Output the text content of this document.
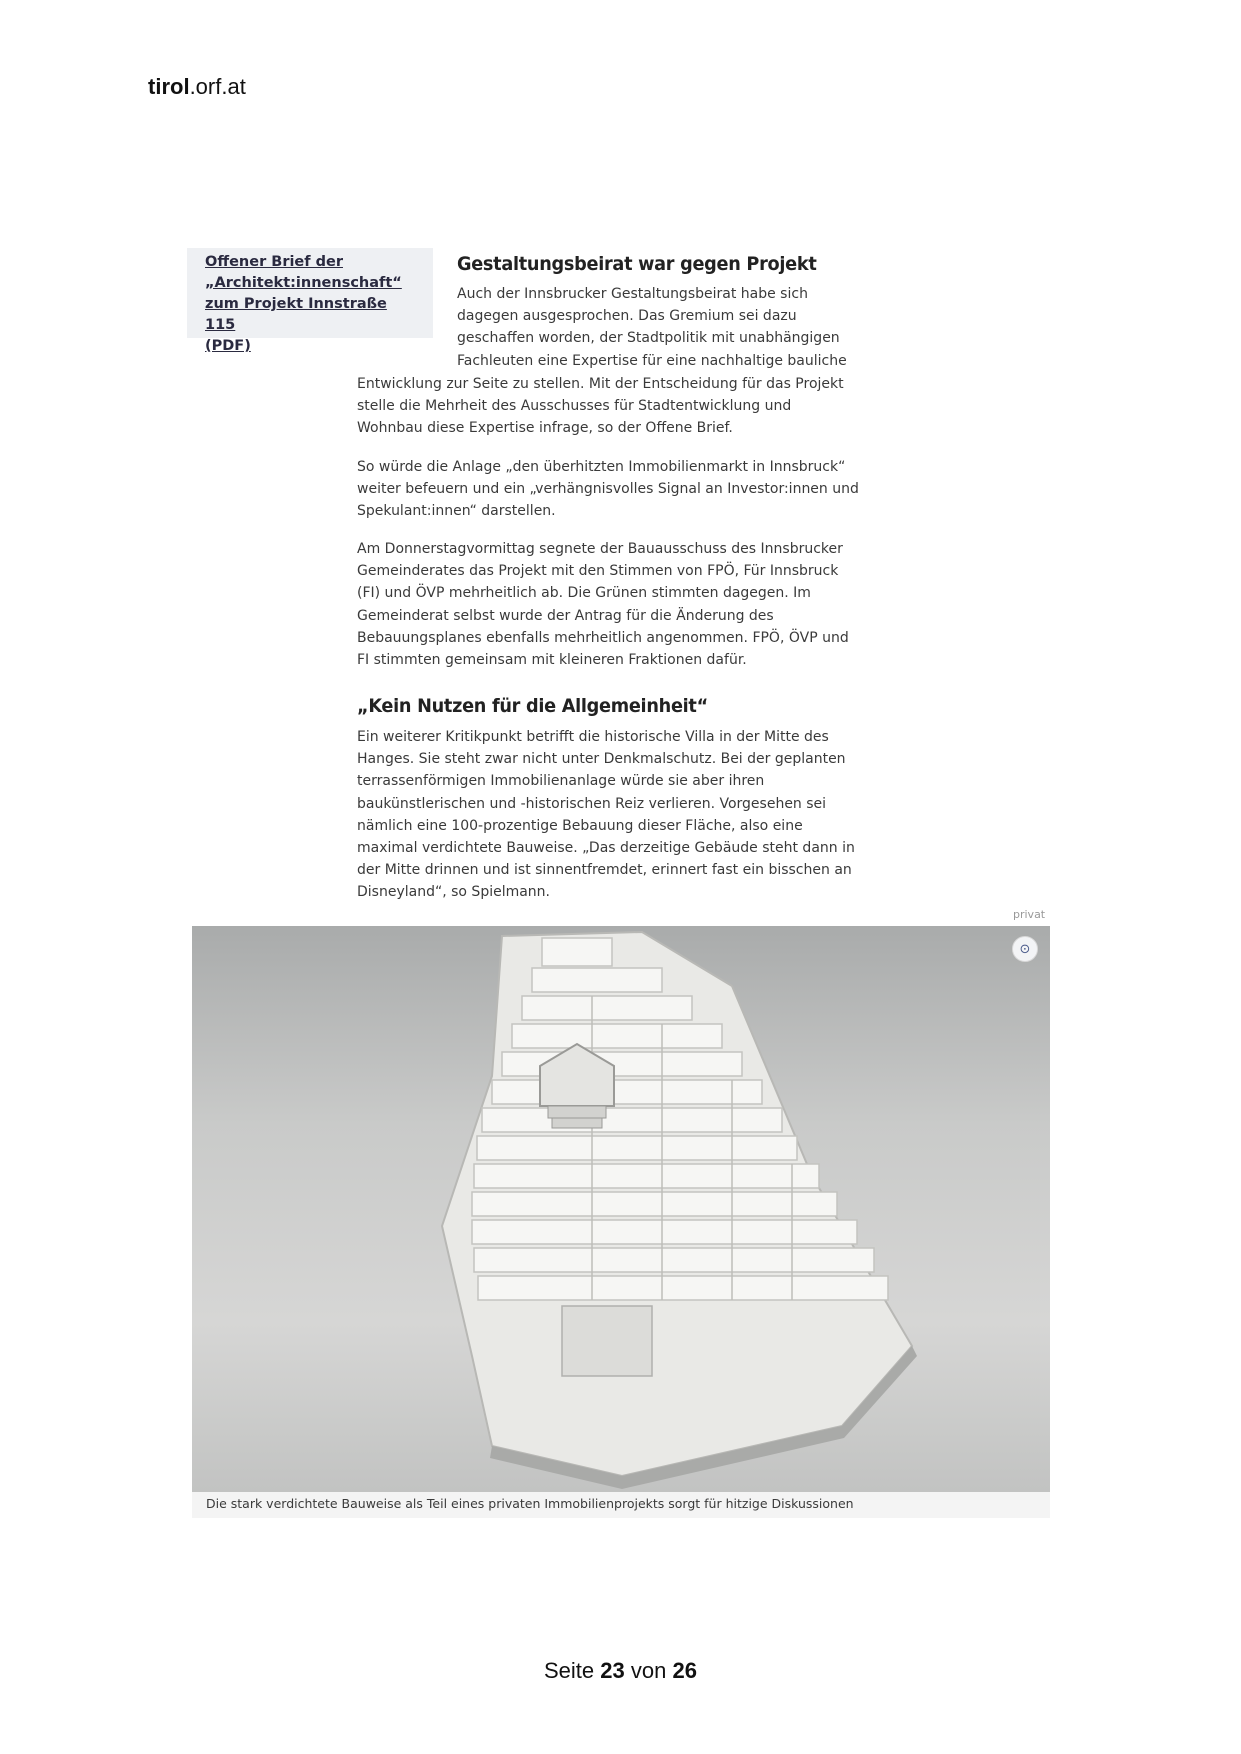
tirol.orf.at
Offener Brief der
„Architekt:innenschaft“
zum Projekt Innstraße 115
(PDF)
Gestaltungsbeirat war gegen Projekt
Auch der Innsbrucker Gestaltungsbeirat habe sich
dagegen ausgesprochen. Das Gremium sei dazu
geschaffen worden, der Stadtpolitik mit unabhängigen
Fachleuten eine Expertise für eine nachhaltige bauliche
Entwicklung zur Seite zu stellen. Mit der Entscheidung für das Projekt
stelle die Mehrheit des Ausschusses für Stadtentwicklung und
Wohnbau diese Expertise infrage, so der Offene Brief.
So würde die Anlage „den überhitzten Immobilienmarkt in Innsbruck“
weiter befeuern und ein „verhängnisvolles Signal an Investor:innen und
Spekulant:innen“ darstellen.
Am Donnerstagvormittag segnete der Bauausschuss des Innsbrucker
Gemeinderates das Projekt mit den Stimmen von FPÖ, Für Innsbruck
(FI) und ÖVP mehrheitlich ab. Die Grünen stimmten dagegen. Im
Gemeinderat selbst wurde der Antrag für die Änderung des
Bebauungsplanes ebenfalls mehrheitlich angenommen. FPÖ, ÖVP und
FI stimmten gemeinsam mit kleineren Fraktionen dafür.
„Kein Nutzen für die Allgemeinheit“
Ein weiterer Kritikpunkt betrifft die historische Villa in der Mitte des
Hanges. Sie steht zwar nicht unter Denkmalschutz. Bei der geplanten
terrassenförmigen Immobilienanlage würde sie aber ihren
baukünstlerischen und -historischen Reiz verlieren. Vorgesehen sei
nämlich eine 100-prozentige Bebauung dieser Fläche, also eine
maximal verdichtete Bauweise. „Das derzeitige Gebäude steht dann in
der Mitte drinnen und ist sinnentfremdet, erinnert fast ein bisschen an
Disneyland“, so Spielmann.
privat
⊙
Die stark verdichtete Bauweise als Teil eines privaten Immobilienprojekts sorgt für hitzige Diskussionen
Seite 23 von 26
